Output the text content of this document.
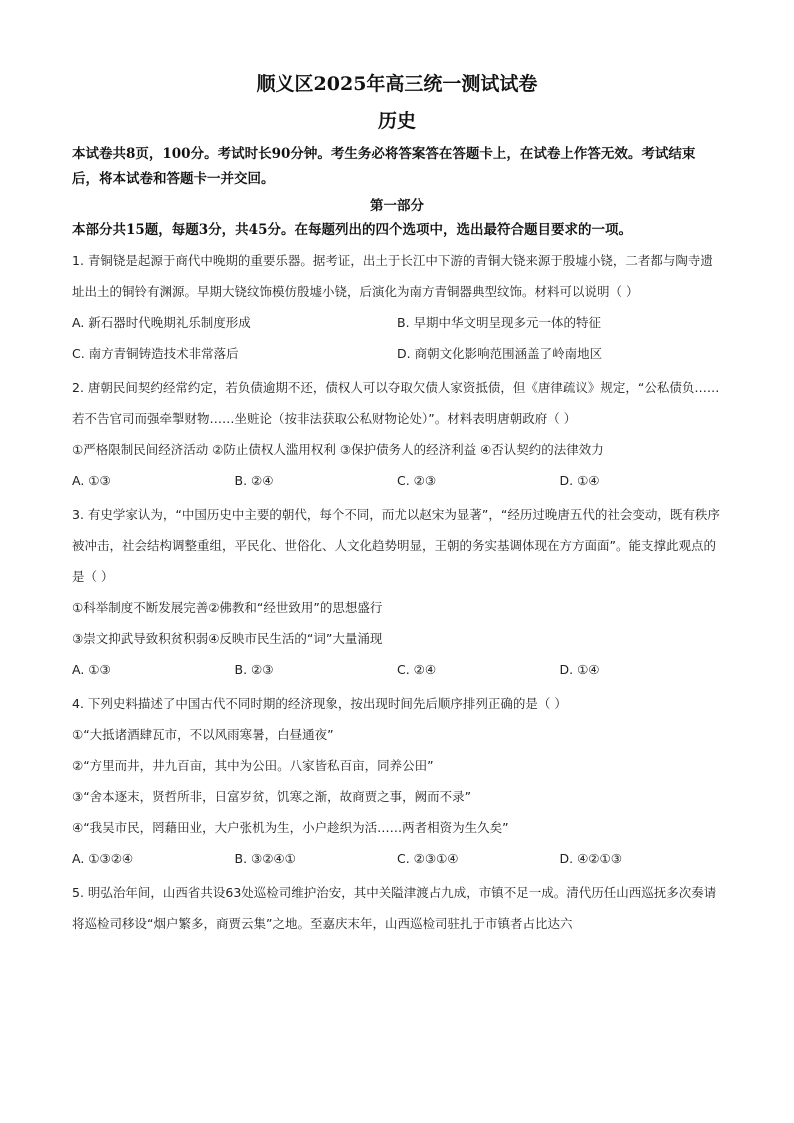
顺义区2025年高三统一测试试卷
历史
本试卷共8页，100分。考试时长90分钟。考生务必将答案答在答题卡上，在试卷上作答无效。考试结束后，将本试卷和答题卡一并交回。
第一部分
本部分共15题，每题3分，共45分。在每题列出的四个选项中，选出最符合题目要求的一项。
1. 青铜铙是起源于商代中晚期的重要乐器。据考证，出土于长江中下游的青铜大铙来源于殷墟小铙，二者都与陶寺遗址出土的铜铃有渊源。早期大铙纹饰模仿殷墟小铙，后演化为南方青铜器典型纹饰。材料可以说明（ ）
A. 新石器时代晚期礼乐制度形成	B. 早期中华文明呈现多元一体的特征
C. 南方青铜铸造技术非常落后	D. 商朝文化影响范围涵盖了岭南地区
2. 唐朝民间契约经常约定，若负债逾期不还，债权人可以夺取欠债人家资抵债，但《唐律疏议》规定，“公私债负……若不告官司而强牵掣财物……坐赃论（按非法获取公私财物论处）”。材料表明唐朝政府（ ）
①严格限制民间经济活动 ②防止债权人滥用权利 ③保护债务人的经济利益 ④否认契约的法律效力
A. ①③	B. ②④	C. ②③	D. ①④
3. 有史学家认为，“中国历史中主要的朝代，每个不同，而尤以赵宋为显著”，“经历过晚唐五代的社会变动，既有秩序被冲击，社会结构调整重组，平民化、世俗化、人文化趋势明显，王朝的务实基调体现在方方面面”。能支撑此观点的是（ ）
①科举制度不断发展完善②佛教和“经世致用”的思想盛行
③崇文抑武导致积贫积弱④反映市民生活的“词”大量涌现
A. ①③	B. ②③	C. ②④	D. ①④
4. 下列史料描述了中国古代不同时期的经济现象，按出现时间先后顺序排列正确的是（ ）
①“大抵诸酒肆瓦市，不以风雨寒暑，白昼通夜”
②“方里而井，井九百亩，其中为公田。八家皆私百亩，同养公田”
③“舍本逐末，贤哲所非，日富岁贫，饥寒之渐，故商贾之事，阙而不录”
④“我吴市民，罔藉田业，大户张机为生，小户趁织为活……两者相资为生久矣”
A. ①③②④	B. ③②④①	C. ②③①④	D. ④②①③
5. 明弘治年间，山西省共设63处巡检司维护治安，其中关隘津渡占九成，市镇不足一成。清代历任山西巡抚多次奏请将巡检司移设“烟户繁多，商贾云集”之地。至嘉庆末年，山西巡检司驻扎于市镇者占比达六
